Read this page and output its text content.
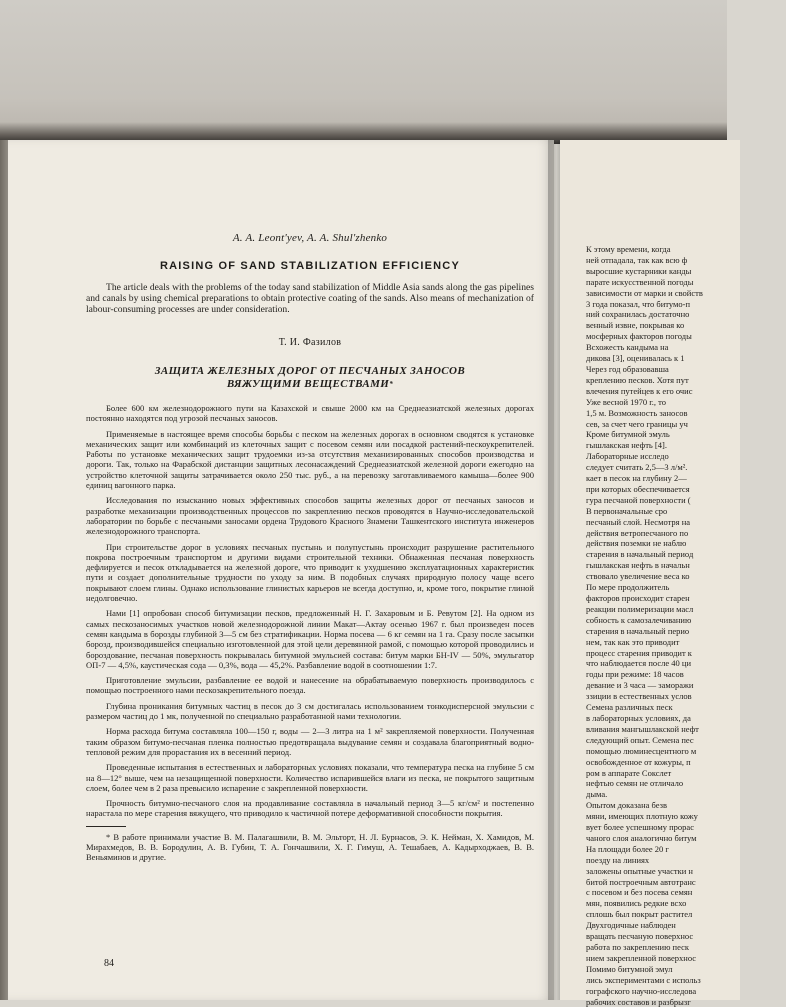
A. A. Leont'yev, A. A. Shul'zhenko

RAISING OF SAND STABILIZATION EFFICIENCY

The article deals with the problems of the today sand stabilization of Middle Asia sands along the gas pipelines and canals by using chemical preparations to obtain protective coating of the sands. Also means of mechanization of labour-consuming processes are under consideration.

Т. И. Фазилов

ЗАЩИТА ЖЕЛЕЗНЫХ ДОРОГ ОТ ПЕСЧАНЫХ ЗАНОСОВ
ВЯЖУЩИМИ ВЕЩЕСТВАМИ*

Более 600 км железнодорожного пути на Казахской и свыше 2000 км на Среднеазиатской железных дорогах постоянно находятся под угрозой песчаных заносов.

Применяемые в настоящее время способы борьбы с песком на железных дорогах в основном сводятся к установке механических защит или комбинаций из клеточных защит с посевом семян или посадкой растений-пескоукрепителей. Работы по установке механических защит трудоемки из-за отсутствия механизированных способов производства и дороги. Так, только на Фарабской дистанции защитных лесонасаждений Среднеазиатской железной дороги ежегодно на устройство клеточной защиты затрачивается около 250 тыс. руб., а на перевозку заготавливаемого камыша—более 900 единиц вагонного парка.

Исследования по изысканию новых эффективных способов защиты железных дорог от песчаных заносов и разработке механизации производственных процессов по закреплению песков проводятся в Научно-исследовательской лаборатории по борьбе с песчаными заносами ордена Трудового Красного Знамени Ташкентского института инженеров железнодорожного транспорта.

При строительстве дорог в условиях песчаных пустынь и полупустынь происходит разрушение растительного покрова построечным транспортом и другими видами строительной техники. Обнаженная песчаная поверхность дефлируется и песок откладывается на железной дороге, что приводит к ухудшению эксплуатационных характеристик пути и создает дополнительные трудности по уходу за ним. В подобных случаях природную полосу чаще всего покрывают слоем глины. Однако использование глинистых карьеров не всегда доступно, и, кроме того, покрытие глиной недолговечно.

Нами [1] опробован способ битумизации песков, предложенный Н. Г. Захаровым и Б. Ревутом [2]. На одном из самых пескозаносимых участков новой железнодорожной линии Макат—Актау осенью 1967 г. был произведен посев семян кандыма в борозды глубиной 3—5 см без стратификации. Норма посева — 6 кг семян на 1 га. Сразу после засыпки борозд, производившейся специально изготовленной для этой цели деревянной рамой, с помощью которой проводились и бороздование, песчаная поверхность покрывалась битумной эмульсией состава: битум марки БН-IV — 50%, эмульгатор ОП-7 — 4,5%, каустическая сода — 0,3%, вода — 45,2%. Разбавление водой в соотношении 1:7.

Приготовление эмульсии, разбавление ее водой и нанесение на обрабатываемую поверхность производилось с помощью построенного нами пескозакрепительного поезда.

Глубина проникания битумных частиц в песок до 3 см достигалась использованием тонкодисперсной эмульсии с размером частиц до 1 мк, полученной по специально разработанной нами технологии.

Норма расхода битума составляла 100—150 г, воды — 2—3 литра на 1 м² закрепляемой поверхности. Полученная таким образом битумо-песчаная пленка полностью предотвращала выдувание семян и создавала благоприятный водно-тепловой режим для прорастания их в весенний период.

Проведенные испытания в естественных и лабораторных условиях показали, что температура песка на глубине 5 см на 8—12° выше, чем на незащищенной поверхности. Количество испарившейся влаги из песка, не покрытого защитным слоем, более чем в 2 раза превысило испарение с закрепленной поверхности.

Прочность битумно-песчаного слоя на продавливание составляла в начальный период 3—5 кг/см² и постепенно нарастала по мере старения вяжущего, что приводило к частичной потере деформативной способности покрытия.

* В работе принимали участие В. М. Палагашвили, В. М. Эльторт, Н. Л. Бурнасов, Э. К. Нейман, Х. Хамидов, М. Мирахмедов, В. В. Бородулин, А. В. Губин, Т. А. Гончашвили, Х. Г. Гимуш, А. Тешабаев, А. Кадырходжаев, В. В. Веньяминов и другие.

84

К этому времени, когда

ней отпадала, так как всю ф

выросшие кустарники канды

парате искусственной погоды

зависимости от марки и свойств

3 года показал, что битумо-п

ний сохранилась достаточно

венный извне, покрывая ко

мосферных факторов погоды

Всхожесть кандыма на

дикова [3], оценивалась к 1

Через год образовавша

креплению песков. Хотя пут

влечения путейцев к его очис

Уже весной 1970 г., то

1,5 м. Возможность заносов

сев, за счет чего границы уч

Кроме битумной эмуль

гышлакская нефть [4].

Лабораторные исследо

следует считать 2,5—3 л/м².

кает в песок на глубину 2—

при которых обеспечивается

гура песчаной поверхности (

В первоначальные сро

песчаный слой. Несмотря на

действия ветропесчаного по

действия поземки не наблю

старения в начальный период

гышлакская нефть в начальн

ствовало увеличение веса ко

По мере продолжитель

факторов происходит старен

реакции полимеризации масл

собность к самозалечиванию

старения в начальный перио

нем, так как это приводит

процесс старения приводит к

что наблюдается после 40 ци

годы при режиме: 18 часов

девание и 3 часа — заморажи

ззиции в естественных услов

Семена различных песк

в лабораторных условиях, да

вливания мангышлакской нефт

следующий опыт. Семена пес

помощью люминесцентного м

освобожденное от кожуры, п

ром в аппарате Сокслет

нефтью семян не отличало

дыма.

Опытом доказана безв

мяни, имеющих плотную кожу

вует более успешному прорас

чаного слоя аналогично битум

На площади более 20 г

поезду на линиях

заложены опытные участки н

битой построечным автотранс

с посевом и без посева семян

мян, появились редкие всхо

сплошь был покрыт растител

Двухгодичные наблюден

вращать песчаную поверхнос

работа по закреплению песк

нием закрепленной поверхнос

Помимо битумной эмул

лись экспериментами с использ

гографского научно-исследова

рабочих составов и разбрызг
